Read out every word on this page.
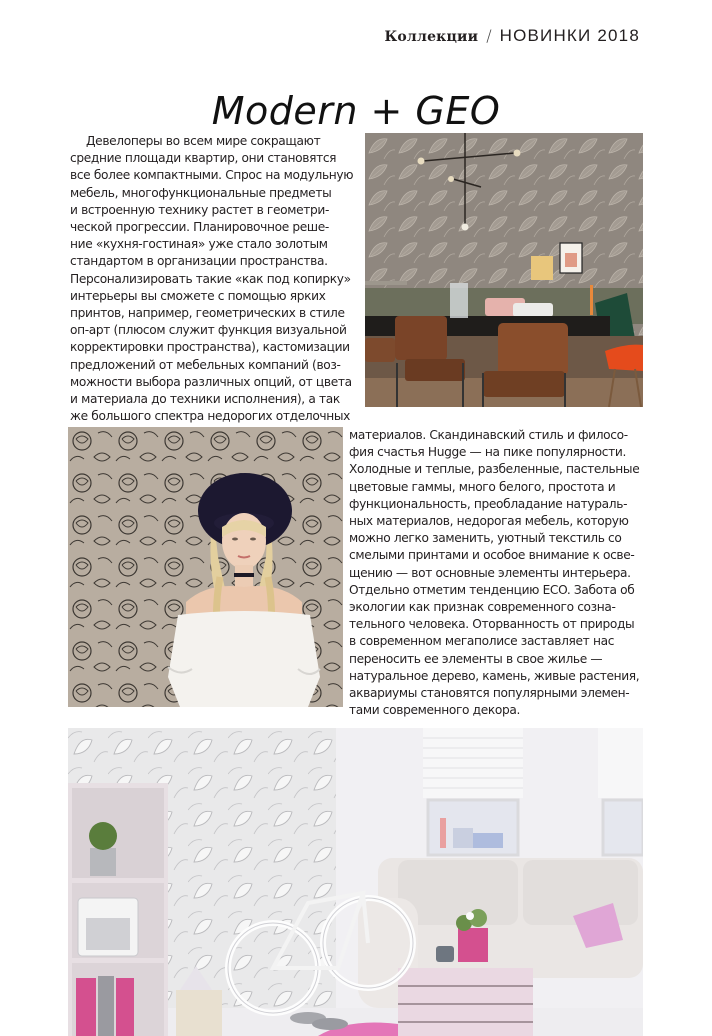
Коллекции / НОВИНКИ 2018
Modern + GEO
Девелоперы во всем мире сокращают
средние площади квартир, они становятся
все более компактными. Спрос на модульную
мебель, многофункциональные предметы
и встроенную технику растет в геометри-
ческой прогрессии. Планировочное реше-
ние «кухня-гостиная» уже стало золотым
стандартом в организации пространства.
Персонализировать такие «как под копирку»
интерьеры вы сможете с помощью ярких
принтов, например, геометрических в стиле
оп-арт (плюсом служит функция визуальной
корректировки пространства), кастомизации
предложений от мебельных компаний (воз-
можности выбора различных опций, от цвета
и материала до техники исполнения), а так
же большого спектра недорогих отделочных
материалов. Скандинавский стиль и филосо-
фия счастья Hugge — на пике популярности.
Холодные и теплые, разбеленные, пастельные
цветовые гаммы, много белого, простота и
функциональность, преобладание натураль-
ных материалов, недорогая мебель, которую
можно легко заменить, уютный текстиль со
смелыми принтами и особое внимание к осве-
щению — вот основные элементы интерьера.
Отдельно отметим тенденцию ECO. Забота об
экологии как признак современного созна-
тельного человека. Оторванность от природы
в современном мегаполисе заставляет нас
переносить ее элементы в свое жилье —
натуральное дерево, камень, живые растения,
аквариумы становятся популярными элемен-
тами современного декора.
